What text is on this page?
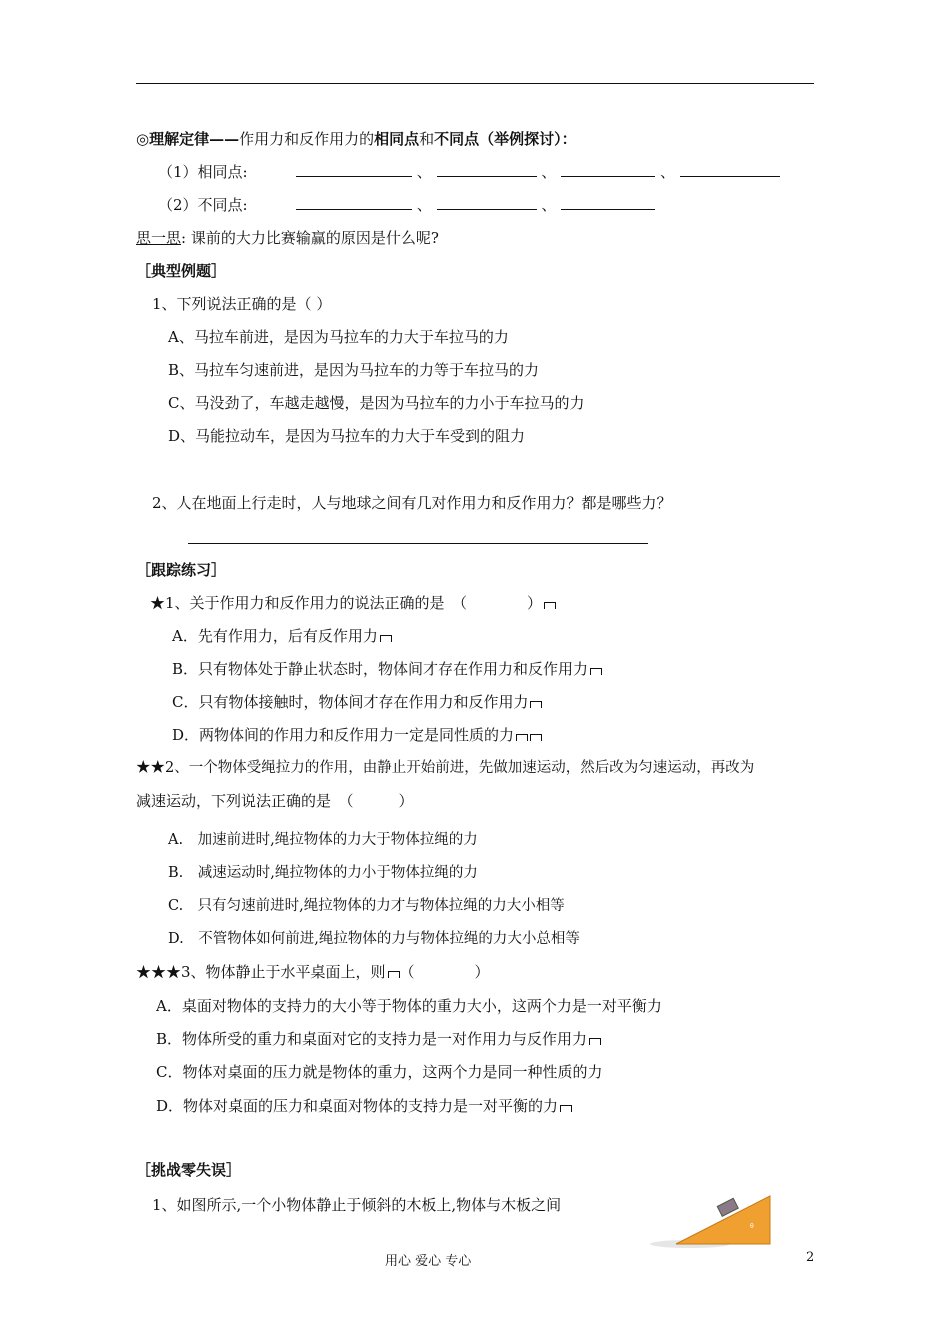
◎理解定律——作用力和反作用力的相同点和不同点（举例探讨）：
（1）相同点:	、	、	、
（2）不同点:	、	、
思一思: 课前的大力比赛输赢的原因是什么呢?
［典型例题］
1、下列说法正确的是（ ）
A、马拉车前进，是因为马拉车的力大于车拉马的力
B、马拉车匀速前进，是因为马拉车的力等于车拉马的力
C、马没劲了，车越走越慢，是因为马拉车的力小于车拉马的力
D、马能拉动车，是因为马拉车的力大于车受到的阻力
2、人在地面上行走时，人与地球之间有几对作用力和反作用力？都是哪些力？
［跟踪练习］
★1、关于作用力和反作用力的说法正确的是　（　　　　）
A．先有作用力，后有反作用力
B．只有物体处于静止状态时，物体间才存在作用力和反作用力
C．只有物体接触时，物体间才存在作用力和反作用力
D．两物体间的作用力和反作用力一定是同性质的力
★★2、一个物体受绳拉力的作用，由静止开始前进，先做加速运动，然后改为匀速运动，再改为
减速运动，下列说法正确的是　（　　　）
A.　加速前进时,绳拉物体的力大于物体拉绳的力
B.　减速运动时,绳拉物体的力小于物体拉绳的力
C.　只有匀速前进时,绳拉物体的力才与物体拉绳的力大小相等
D.　不管物体如何前进,绳拉物体的力与物体拉绳的力大小总相等
★★★3、物体静止于水平桌面上，则 （　　　　）
A．桌面对物体的支持力的大小等于物体的重力大小，这两个力是一对平衡力
B．物体所受的重力和桌面对它的支持力是一对作用力与反作用力
C．物体对桌面的压力就是物体的重力，这两个力是同一种性质的力
D．物体对桌面的压力和桌面对物体的支持力是一对平衡的力
［挑战零失误］
1、如图所示,一个小物体静止于倾斜的木板上,物体与木板之间
θ
用心 爱心 专心	2
